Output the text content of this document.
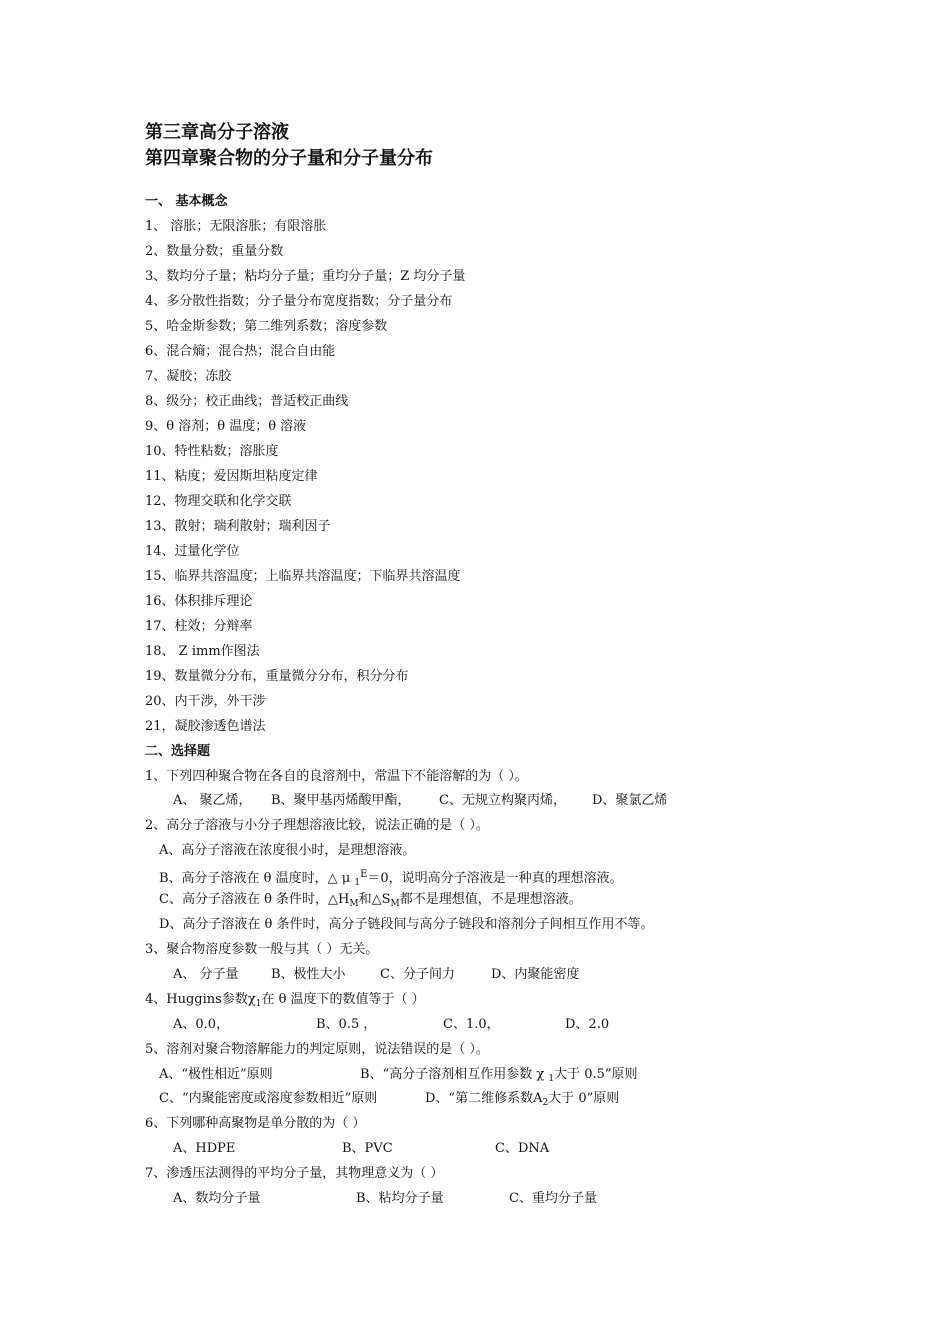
第三章高分子溶液
第四章聚合物的分子量和分子量分布
一、 基本概念
1、 溶胀；无限溶胀；有限溶胀
2、数量分数；重量分数
3、数均分子量；粘均分子量；重均分子量；Z 均分子量
4、多分散性指数；分子量分布宽度指数；分子量分布
5、哈金斯参数；第二维列系数；溶度参数
6、混合熵；混合热；混合自由能
7、凝胶；冻胶
8、级分；校正曲线；普适校正曲线
9、θ 溶剂；θ 温度；θ 溶液
10、特性粘数；溶胀度
11、粘度；爱因斯坦粘度定律
12、物理交联和化学交联
13、散射；瑞利散射；瑞利因子
14、过量化学位
15、临界共溶温度；上临界共溶温度；下临界共溶温度
16、体积排斥理论
17、柱效；分辩率
18、 Z imm作图法
19、数量微分分布，重量微分分布，积分分布
20、内干涉，外干涉
21，凝胶渗透色谱法
二、选择题
1、下列四种聚合物在各自的良溶剂中，常温下不能溶解的为（ ）。
A、 聚乙烯， B、聚甲基丙烯酸甲酯， C、无规立构聚丙烯， D、聚氯乙烯
2、高分子溶液与小分子理想溶液比较，说法正确的是（ ）。
A、高分子溶液在浓度很小时，是理想溶液。
B、高分子溶液在 θ 温度时，△ μ $_1^E$＝0，说明高分子溶液是一种真的理想溶液。
C、高分子溶液在 θ 条件时，$\triangle H_M$和$\triangle S_M$都不是理想值，不是理想溶液。
D、高分子溶液在 θ 条件时，高分子链段间与高分子链段和溶剂分子间相互作用不等。
3、聚合物溶度参数一般与其（ ）无关。
A、 分子量 B、极性大小	C、分子间力	D、内聚能密度
4、Huggins参数$\chi_1$在 θ 温度下的数值等于（ ）
A、0.0，	B、0.5 ，	C、1.0，	D、2.0
5、溶剂对聚合物溶解能力的判定原则，说法错误的是（ ）。
A、“极性相近”原则	B、“高分子溶剂相互作用参数 χ $_1$大于 0.5”原则
C、“内聚能密度或溶度参数相近”原则	D、“第二维修系数$A_2$大于 0”原则
6、下列哪种高聚物是单分散的为（ ）
A、HDPE	B、PVC	C、DNA
7、渗透压法测得的平均分子量，其物理意义为（ ）
A、数均分子量	B、粘均分子量	C、重均分子量
